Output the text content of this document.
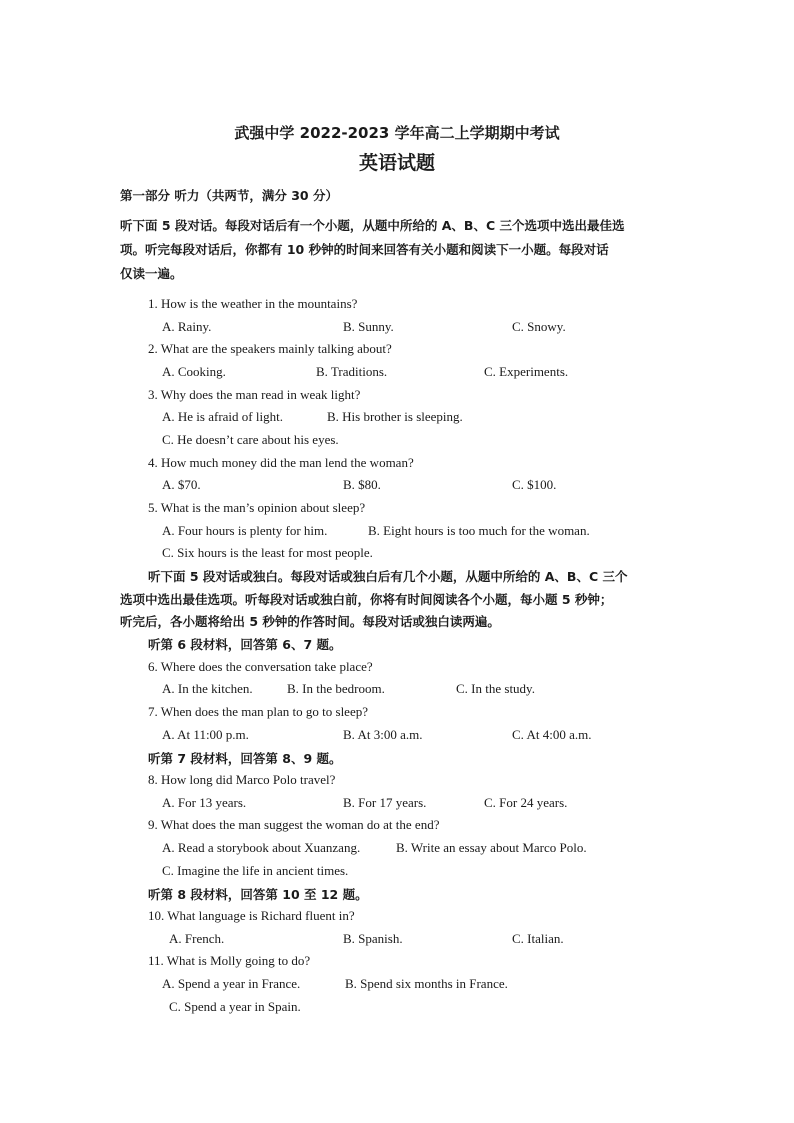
武强中学 2022-2023 学年高二上学期期中考试
英语试题
第一部分 听力（共两节，满分 30 分）
听下面 5 段对话。每段对话后有一个小题，从题中所给的 A、B、C 三个选项中选出最佳选
项。听完每段对话后，你都有 10 秒钟的时间来回答有关小题和阅读下一小题。每段对话
仅读一遍。
1. How is the weather in the mountains?
A. Rainy.	B. Sunny.	C. Snowy.
2. What are the speakers mainly talking about?
A. Cooking.	B. Traditions.	C. Experiments.
3. Why does the man read in weak light?
A. He is afraid of light.	B. His brother is sleeping.
C. He doesn’t care about his eyes.
4. How much money did the man lend the woman?
A. $70.	B. $80.	C. $100.
5. What is the man’s opinion about sleep?
A. Four hours is plenty for him.	B. Eight hours is too much for the woman.
C. Six hours is the least for most people.
听下面 5 段对话或独白。每段对话或独白后有几个小题，从题中所给的 A、B、C 三个
选项中选出最佳选项。听每段对话或独白前，你将有时间阅读各个小题，每小题 5 秒钟；
听完后，各小题将给出 5 秒钟的作答时间。每段对话或独白读两遍。
听第 6 段材料，回答第 6、7 题。
6. Where does the conversation take place?
A. In the kitchen.	B. In the bedroom.	C. In the study.
7. When does the man plan to go to sleep?
A. At 11:00 p.m.	B. At 3:00 a.m.	C. At 4:00 a.m.
听第 7 段材料，回答第 8、9 题。
8. How long did Marco Polo travel?
A. For 13 years.	B. For 17 years.	C. For 24 years.
9. What does the man suggest the woman do at the end?
A. Read a storybook about Xuanzang.	B. Write an essay about Marco Polo.
C. Imagine the life in ancient times.
听第 8 段材料，回答第 10 至 12 题。
10. What language is Richard fluent in?
A. French.	B. Spanish.	C. Italian.
11. What is Molly going to do?
A. Spend a year in France.	B. Spend six months in France.
C. Spend a year in Spain.
